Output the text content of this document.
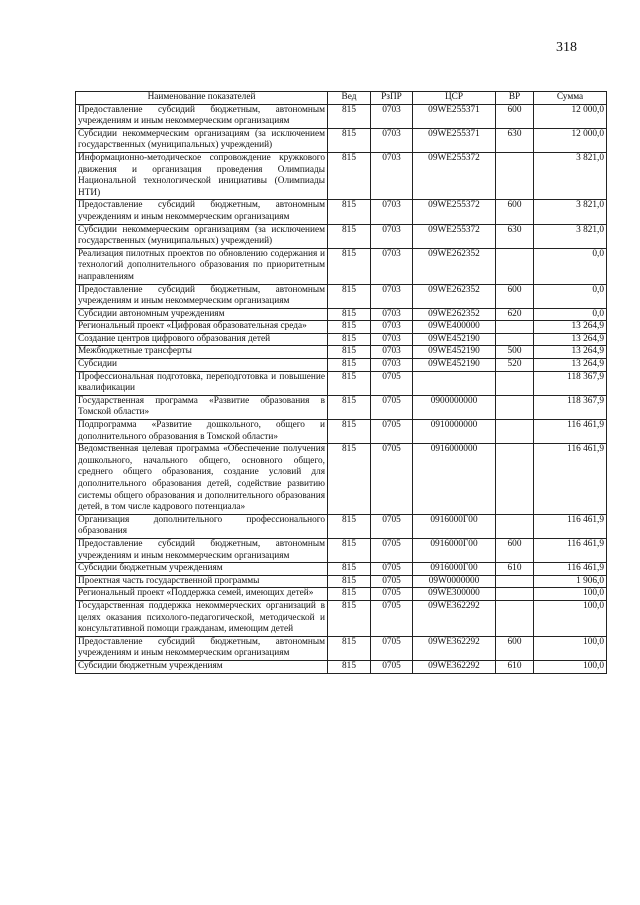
318
Наименование показателей	Вед	РзПР	ЦСР	ВР	Сумма
Предоставление субсидий бюджетным, автономным учреждениям и иным некоммерческим организациям	815	0703	09WE255371	600	12 000,0
Субсидии некоммерческим организациям (за исключением государственных (муниципальных) учреждений)	815	0703	09WE255371	630	12 000,0
Информационно-методическое сопровождение кружкового движения и организация проведения Олимпиады Национальной технологической инициативы (Олимпиады НТИ)	815	0703	09WE255372		3 821,0
Предоставление субсидий бюджетным, автономным учреждениям и иным некоммерческим организациям	815	0703	09WE255372	600	3 821,0
Субсидии некоммерческим организациям (за исключением государственных (муниципальных) учреждений)	815	0703	09WE255372	630	3 821,0
Реализация пилотных проектов по обновлению содержания и технологий дополнительного образования по приоритетным направлениям	815	0703	09WE262352		0,0
Предоставление субсидий бюджетным, автономным учреждениям и иным некоммерческим организациям	815	0703	09WE262352	600	0,0
Субсидии автономным учреждениям	815	0703	09WE262352	620	0,0
Региональный проект «Цифровая образовательная среда»	815	0703	09WE400000		13 264,9
Создание центров цифрового образования детей	815	0703	09WE452190		13 264,9
Межбюджетные трансферты	815	0703	09WE452190	500	13 264,9
Субсидии	815	0703	09WE452190	520	13 264,9
Профессиональная подготовка, переподготовка и повышение квалификации	815	0705			118 367,9
Государственная программа «Развитие образования в Томской области»	815	0705	0900000000		118 367,9
Подпрограмма «Развитие дошкольного, общего и дополнительного образования в Томской области»	815	0705	0910000000		116 461,9
Ведомственная целевая программа «Обеспечение получения дошкольного, начального общего, основного общего, среднего общего образования, создание условий для дополнительного образования детей, содействие развитию системы общего образования и дополнительного образования детей, в том числе кадрового потенциала»	815	0705	0916000000		116 461,9
Организация дополнительного профессионального образования	815	0705	0916000Г00		116 461,9
Предоставление субсидий бюджетным, автономным учреждениям и иным некоммерческим организациям	815	0705	0916000Г00	600	116 461,9
Субсидии бюджетным учреждениям	815	0705	0916000Г00	610	116 461,9
Проектная часть государственной программы	815	0705	09W0000000		1 906,0
Региональный проект «Поддержка семей, имеющих детей»	815	0705	09WE300000		100,0
Государственная поддержка некоммерческих организаций в целях оказания психолого-педагогической, методической и консультативной помощи гражданам, имеющим детей	815	0705	09WE362292		100,0
Предоставление субсидий бюджетным, автономным учреждениям и иным некоммерческим организациям	815	0705	09WE362292	600	100,0
Субсидии бюджетным учреждениям	815	0705	09WE362292	610	100,0
